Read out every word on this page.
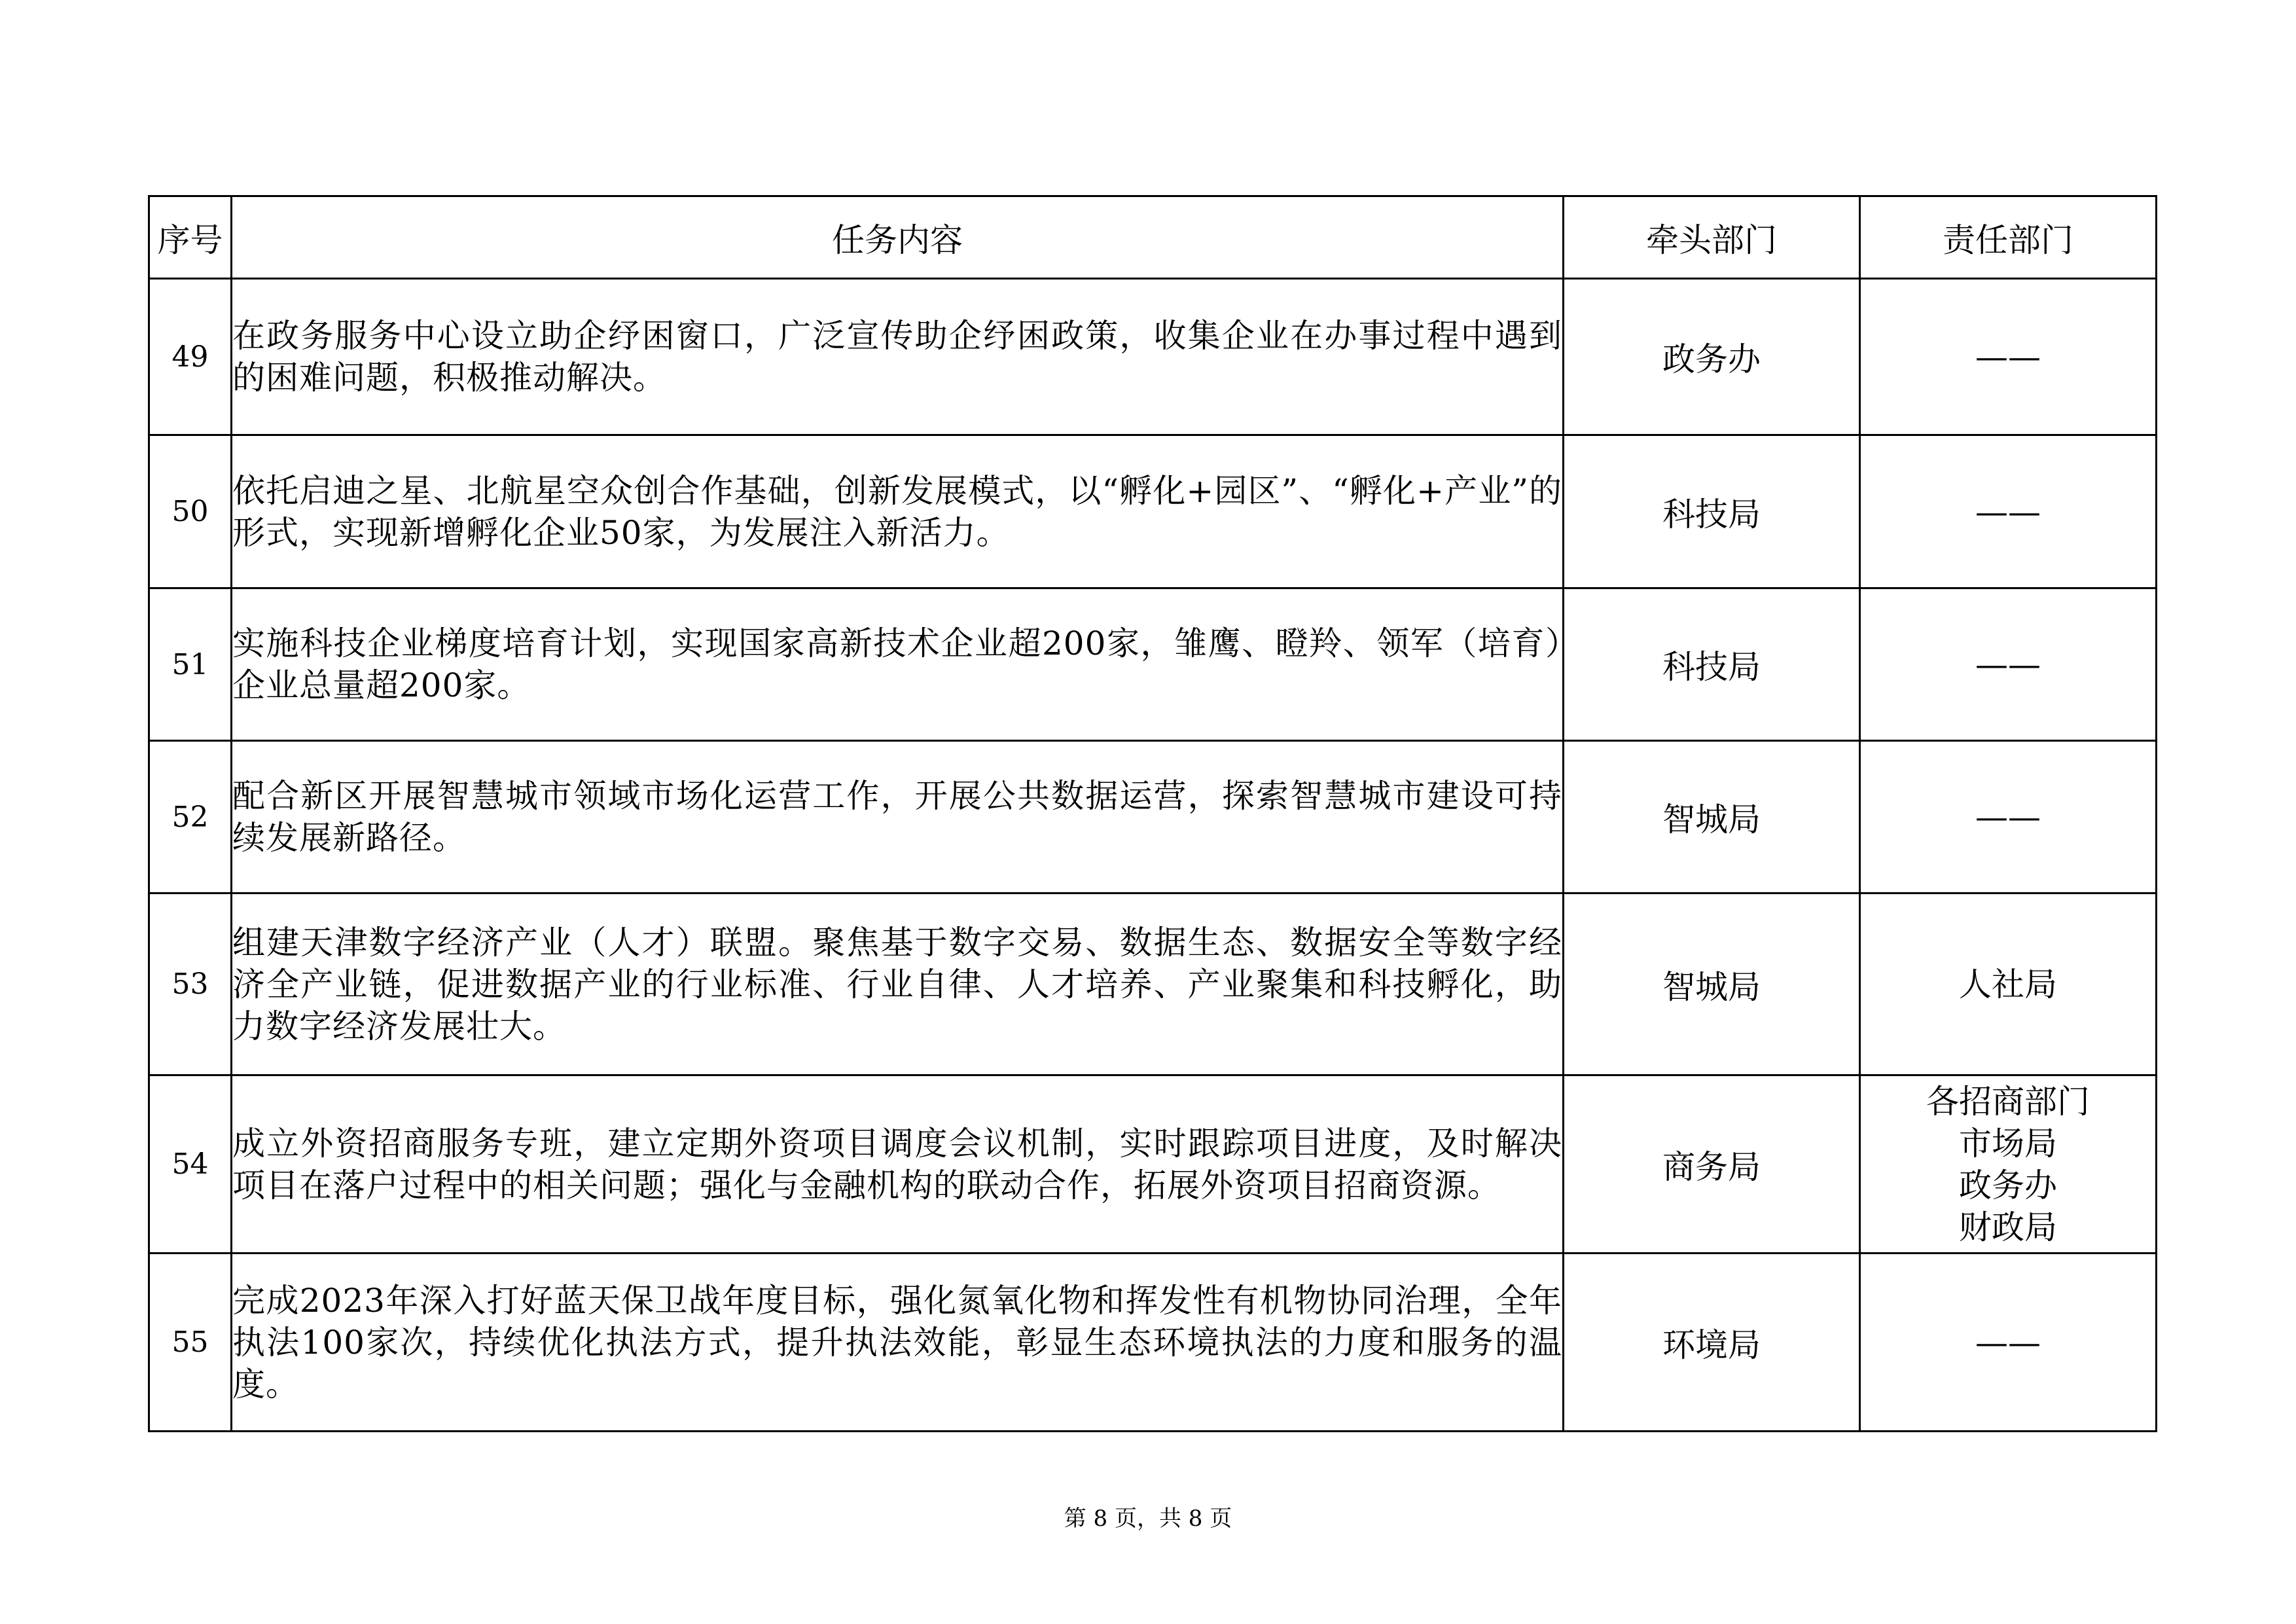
序号	任务内容	牵头部门	责任部门
49	在政务服务中心设立助企纾困窗口，广泛宣传助企纾困政策，收集企业在办事过程中遇到的困难问题，积极推动解决。	政务办	——
50	依托启迪之星、北航星空众创合作基础，创新发展模式，以“孵化+园区”、“孵化+产业”的形式，实现新增孵化企业50家，为发展注入新活力。	科技局	——
51	实施科技企业梯度培育计划，实现国家高新技术企业超200家，雏鹰、瞪羚、领军（培育）企业总量超200家。	科技局	——
52	配合新区开展智慧城市领域市场化运营工作，开展公共数据运营，探索智慧城市建设可持续发展新路径。	智城局	——
53	组建天津数字经济产业（人才）联盟。聚焦基于数字交易、数据生态、数据安全等数字经济全产业链，促进数据产业的行业标准、行业自律、人才培养、产业聚集和科技孵化，助力数字经济发展壮大。	智城局	人社局
54	成立外资招商服务专班，建立定期外资项目调度会议机制，实时跟踪项目进度，及时解决项目在落户过程中的相关问题；强化与金融机构的联动合作，拓展外资项目招商资源。	商务局	各招商部门
市场局
政务办
财政局

55	完成2023年深入打好蓝天保卫战年度目标，强化氮氧化物和挥发性有机物协同治理，全年执法100家次，持续优化执法方式，提升执法效能，彰显生态环境执法的力度和服务的温度。	环境局	——
第 8 页，共 8 页
